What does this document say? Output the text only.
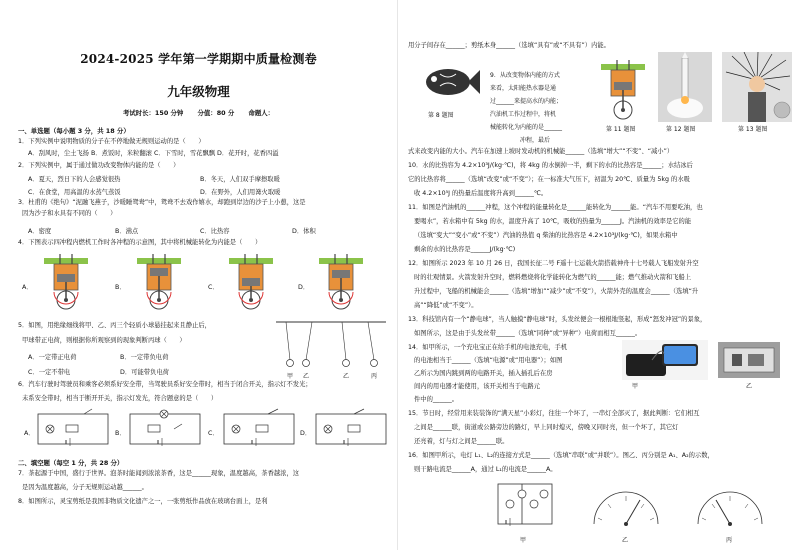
2024-2025 学年第一学期期中质量检测卷
九年级物理
考试时长：150 分钟 分值：80 分 命题人：
一、单选题（每小题 3 分，共 18 分）
1．下列实例中说明物质的分子在不停地做无规则运动的是（　　）
A．刮风时，尘土飞扬 B．煮饭时，米粒翻滚 C．下雪时，雪花飘飘 D．花开时，花香四溢
2．下列实例中，属于通过做功改变物体内能的是（　　）
A．夏天，烈日下的人会感觉很热	B．冬天，人们双手摩擦取暖
C．在食堂，用高温的水蒸气蒸饭	D．在野外，人们用篝火取暖
3．杜甫的《绝句》“泥融飞燕子，沙暖睡鸳鸯”中，鸳鸯不去戏作嬉水，却跑到岸边的沙子上小憩，这是
因为沙子和水具有不同的（　　）
A．密度	B．沸点	C．比热容	D．体积
4．下图表示四冲程内燃机工作时各冲程的示意图，其中将机械能转化为内能是（　　）
A．	B．	C．	D．
5．如图，用绝缘细线将甲、乙、丙三个轻质小球悬挂起来且静止后，
甲球带正电荷，则根据你所观察到的现象判断丙球（　　）
A．一定带正电荷	B．一定带负电荷
C．一定不带电	D．可能带负电荷
甲 乙	乙	丙
6．汽车行驶时驾驶员和乘客必须系好安全带，当驾驶员系好安全带时，相当于闭合开关，指示灯不发光；
未系安全带时，相当于断开开关，指示灯发光，符合题意的是（　　）
A．	B．	C．	D．
二、填空题（每空 1 分，共 28 分）
7．茶起源于中国，盛行于世界。泡茶时能闻到浓浓茶香，这是______现象，温度越高，茶香越浓，这
是因为温度越高，分子无规则运动越______。
8．如图所示，灵宝剪纸是我国非物质文化遗产之一，一张剪纸作品放在玻璃台面上，是利
用分子间存在______；剪纸本身______（选填“具有”或“不具有”）内能。
第 8 题图
9．从改变物体内能的方式
来看，太阳能热水器是通
过______来提高水的内能；
汽油机工作过程中，将机
械能转化为内能的是______
冲程，最后
式来改变内能的大小。汽车在加速上坡时发动机的机械能______（选填“增大”“不变”、“减小”）
第 11 题图	第 12 题图	第 13 题图
10．水的比热容为 4.2×10³J/(kg·℃)，将 4kg 的水倒掉一半，剩下的水的比热容是______；水结冰后
它的比热容将______（选填“改变”或“不变”）；在一标准大气压下，初温为 20℃、质量为 5kg 的水吸
收 4.2×10⁵J 的热量后温度将升高到______℃。
11．如图是汽油机的______冲程，这个冲程的能量转化是______能转化为______能。“汽车不用要吃油，也
要喝水”，若水箱中有 5kg 的水，温度升高了 10℃，吸收的热量为______J。汽油机的效率是它的能
（选填“变大”“变小”或“不变”）汽油的热值 q 柴油的比热容是 4.2×10³J/(kg·℃)，如果水箱中
剩余的水的比热容是______J/(kg·℃)
12．如图所示 2023 年 10 月 26 日，我国长征二号 F遥十七运载火箭搭载神舟十七号载人飞船发射升空
时的壮观情景。火箭发射升空时，燃料燃烧将化学能转化为燃气的______能；燃气推动火箭和飞船上
升过程中，飞船的机械能会______（选填“增加”“减少”或“不变”），火箭外壳的温度会______（选填“升
高”“降低”或“不变”）。
13．科技馆内有一个“静电球”，当人触摸“静电球”时，头发丝便会一根根地竖起，形成“怒发冲冠”的景象，
如图所示，这是由于头发丝带______（选填“同种”或“异种”）电荷而相互______。
14．如甲所示，一个充电宝正在给手机的电池充电，手机
的电池相当于______（选填“电源”或“用电器”）；如图
乙所示为国内跳到两的电路开关，插入插孔后在房
间内的用电器才能使用，该开关相当于电路元
件中的______。
甲	乙
15．节日时，经常用来装装饰的“满天星”小彩灯，往往一个坏了，一串灯全部灭了，据此判断：它们相互
之间是______联，街道或公路旁边的路灯，早上同时熄灭，傍晚又同时亮，但一个坏了，其它灯
还亮着，灯与灯之间是______联。
16．如图甲所示，电灯 L₁、L₂的连接方式是______（选填“串联”或“并联”）。图乙、丙分别是 A₁、A₂的示数，
则干路电流是______A，通过 L₁的电流是______A。
甲	乙	丙
